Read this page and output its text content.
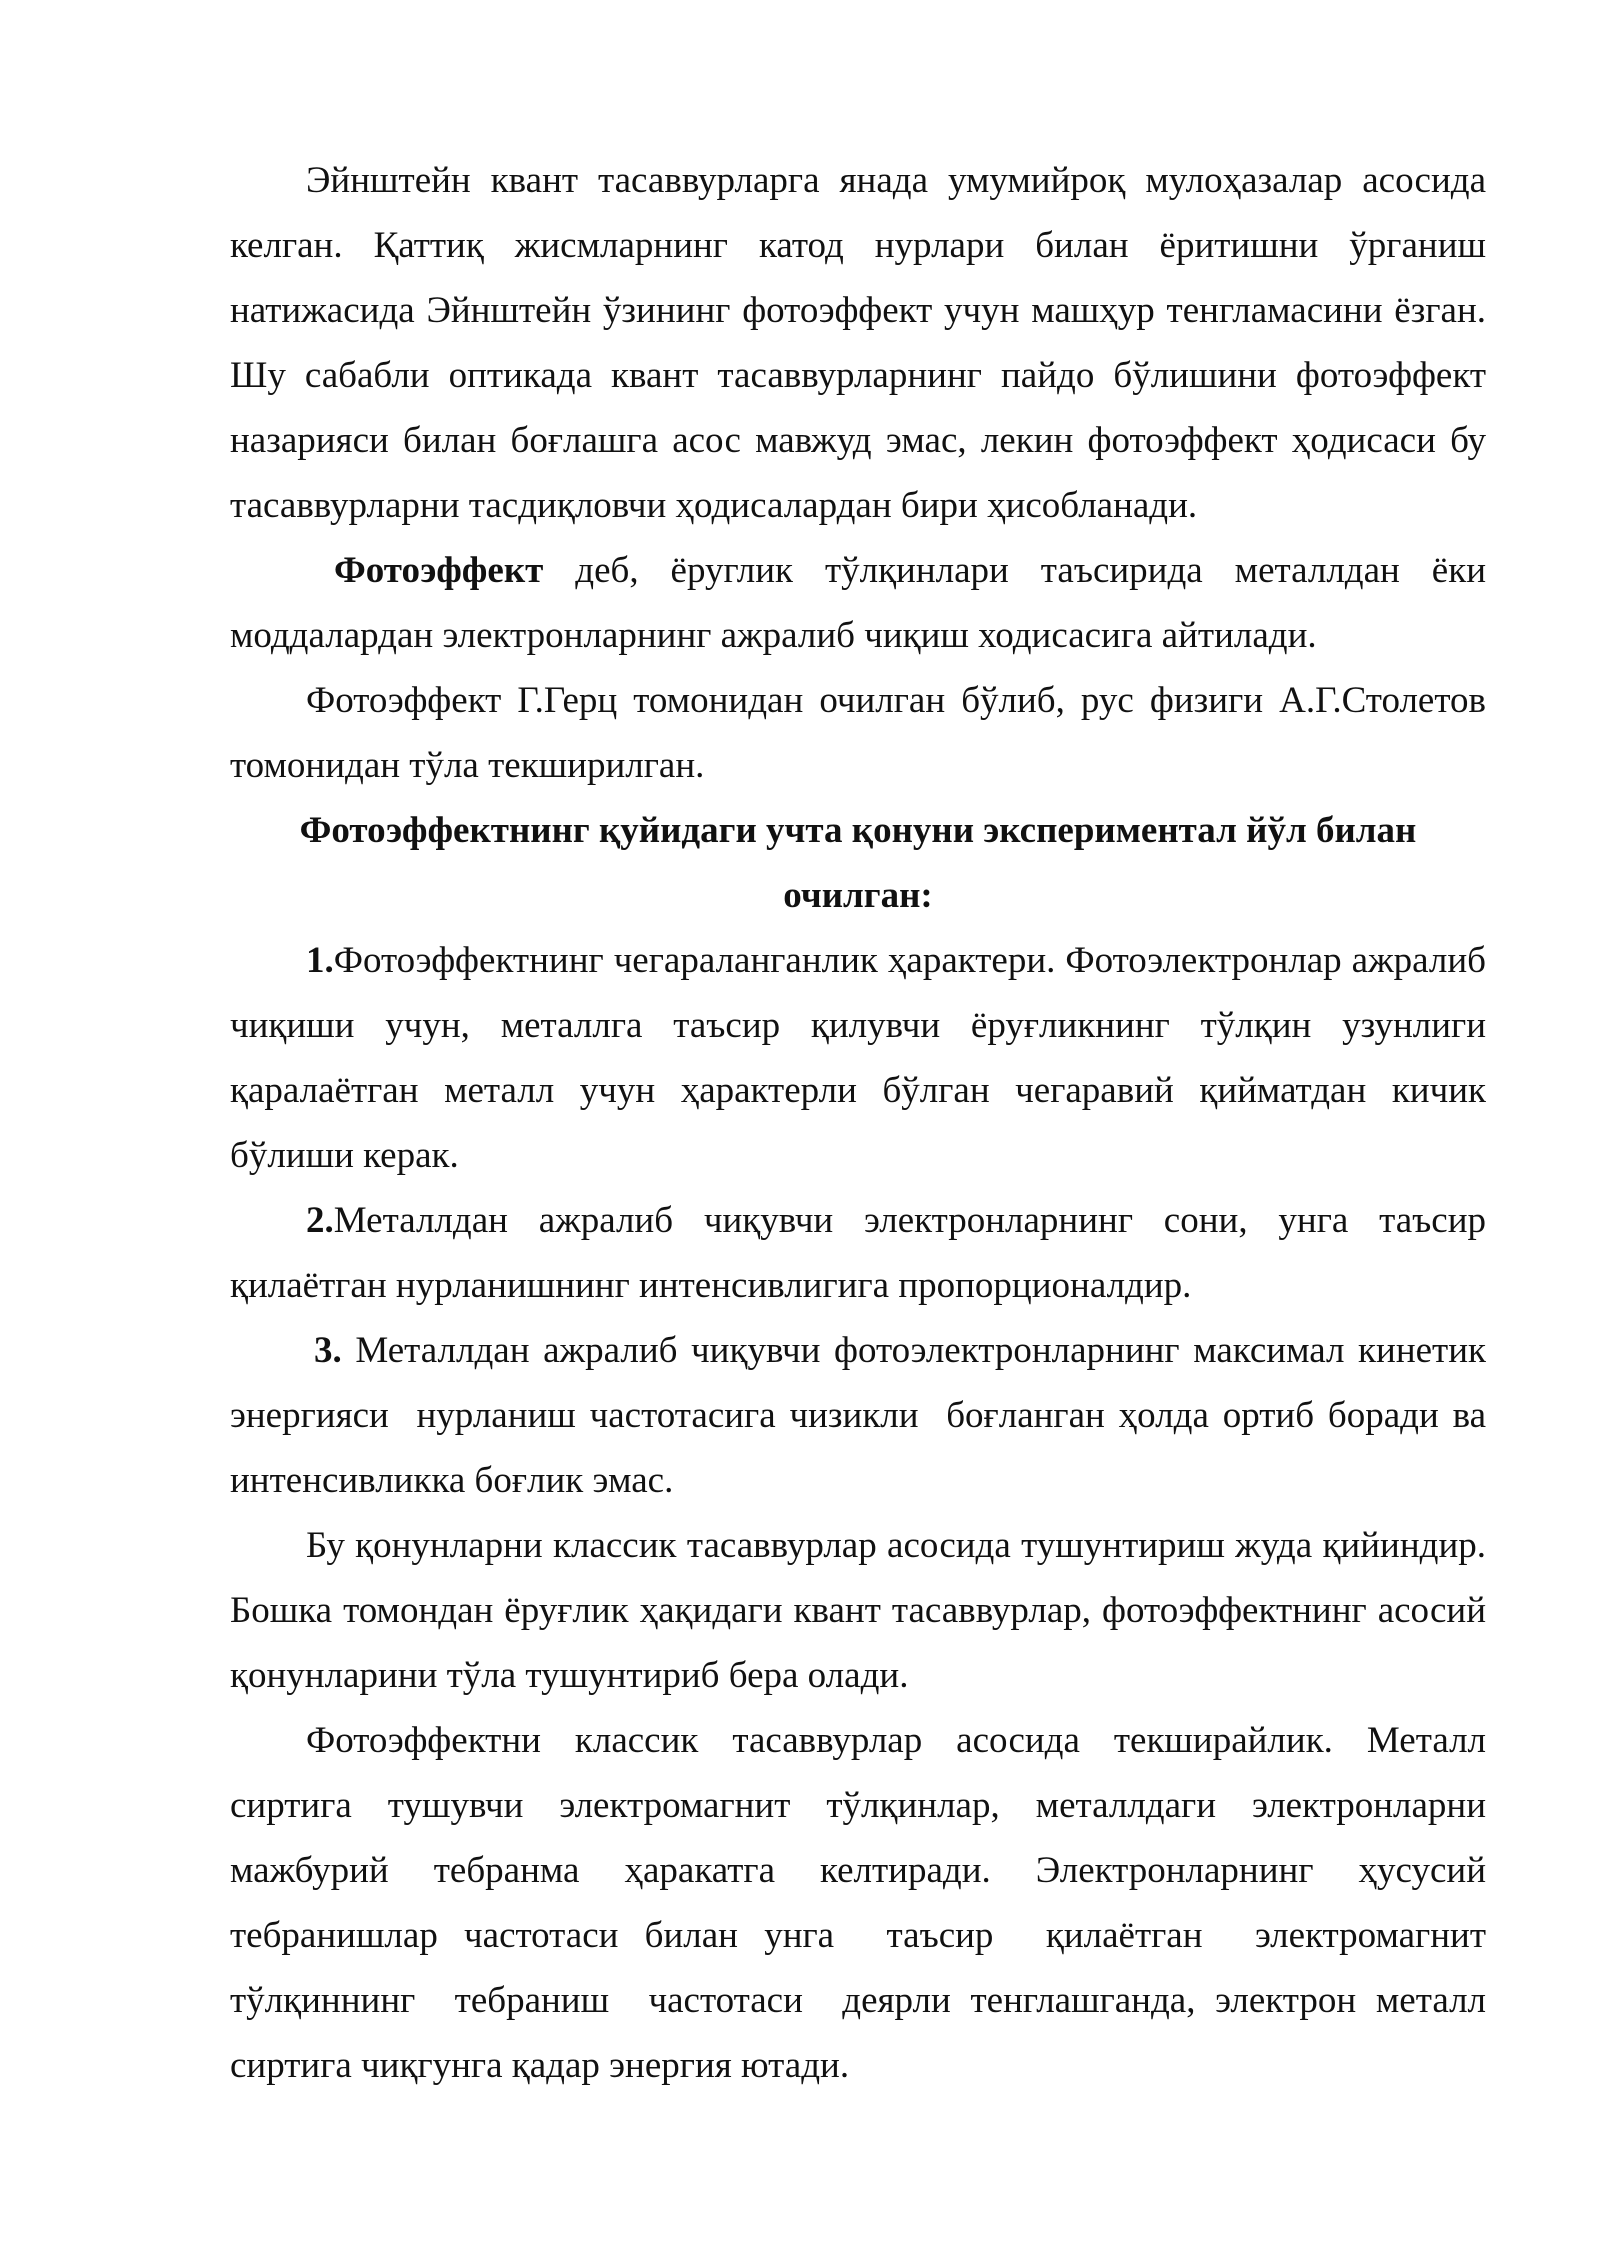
Эйнштейн квант тасаввурларга янада умумийроқ мулоҳазалар асосида келган. Қаттиқ жисмларнинг катод нурлари билан ёритишни ўрганиш натижасида Эйнштейн ўзининг фотоэффект учун машҳур тенгламасини ёзган. Шу сабабли оптикада квант тасаввурларнинг пайдо бўлишини фотоэффект назарияси билан боғлашга асос мавжуд эмас, лекин фотоэффект ҳодисаси бу тасаввурларни тасдиқловчи ҳодисалардан бири ҳисобланади.

Фотоэффект деб, ёруглик тўлқинлари таъсирида металлдан ёки моддалардан электронларнинг ажралиб чиқиш ходисасига айтилади.

Фотоэффект Г.Герц томонидан очилган бўлиб, рус физиги А.Г.Столетов томонидан тўла текширилган.

Фотоэффектнинг қуйидаги учта қонуни экспериментал йўл билан очилган:

1.Фотоэффектнинг чегараланганлик ҳарактери. Фотоэлектронлар ажралиб чиқиши учун, металлга таъсир қилувчи ёруғликнинг тўлқин узунлиги қаралаётган металл учун ҳарактерли бўлган чегаравий қийматдан кичик бўлиши керак.

2.Металлдан ажралиб чиқувчи электронларнинг сони, унга таъсир қилаётган нурланишнинг интенсивлигига пропорционалдир.

3. Металлдан ажралиб чиқувчи фотоэлектронларнинг максимал кинетик энергияси  нурланиш частотасига чизикли  боғланган ҳолда ортиб боради ва интенсивликка боғлик эмас.

Бу қонунларни классик тасаввурлар асосида тушунтириш жуда қийиндир. Бошка томондан ёруғлик ҳақидаги квант тасаввурлар, фотоэффектнинг асосий қонунларини тўла тушунтириб бера олади.

Фотоэффектни классик тасаввурлар асосида текширайлик. Металл сиртига тушувчи электромагнит тўлқинлар, металлдаги электронларни мажбурий тебранма ҳаракатга келтиради. Электронларнинг ҳусусий тебранишлар частотаси билан унга  таъсир  қилаётган  электромагнит тўлқиннинг  тебраниш  частотаси  деярли тенглашганда, электрон металл сиртига чиқгунга қадар энергия ютади.
